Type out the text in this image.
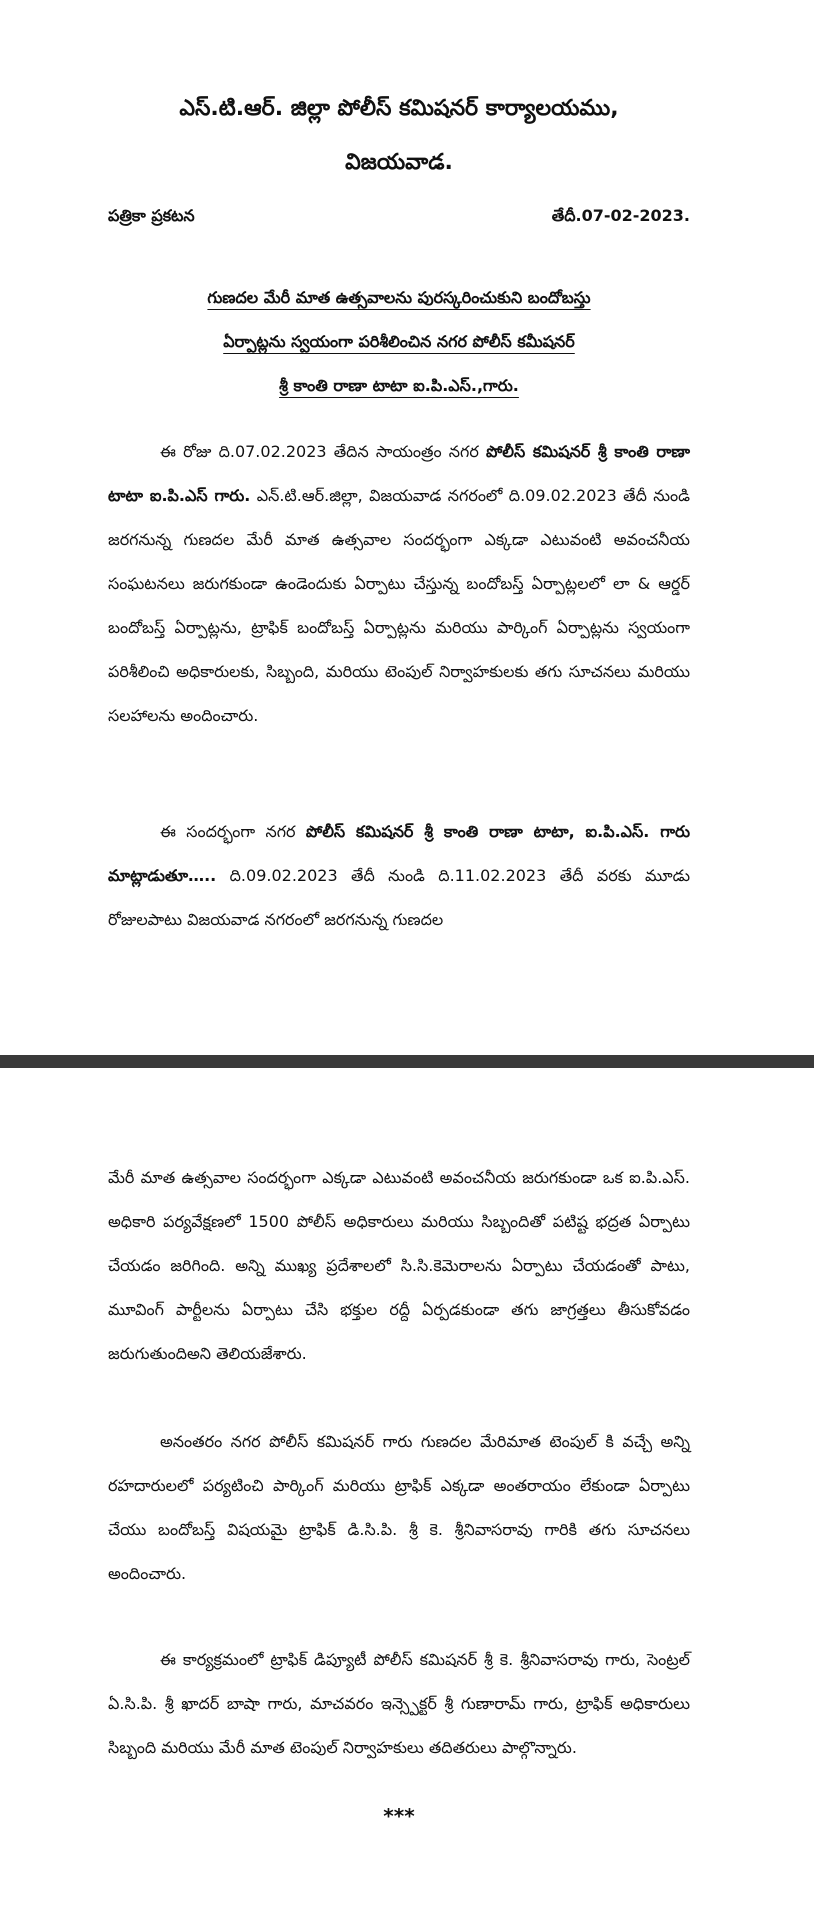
ఎస్.టి.ఆర్. జిల్లా పోలీస్ కమిషనర్ కార్యాలయము,
విజయవాడ.
పత్రికా ప్రకటన	తేదీ.07-02-2023.
గుణదల మేరీ మాత ఉత్సవాలను పురస్కరించుకుని బందోబస్తు
ఏర్పాట్లను స్వయంగా పరిశీలించిన నగర పోలీస్ కమీషనర్
శ్రీ కాంతి రాణా టాటా ఐ.పి.ఎస్.,గారు.

ఈ రోజు ది.07.02.2023 తేదిన సాయంత్రం నగర పోలీస్ కమిషనర్ శ్రీ కాంతి రాణా టాటా ఐ.పి.ఎస్ గారు. ఎన్.టి.ఆర్.జిల్లా, విజయవాడ నగరంలో ది.09.02.2023 తేదీ నుండి జరగనున్న గుణదల మేరీ మాత ఉత్సవాల సందర్భంగా ఎక్కడా ఎటువంటి అవంచనీయ సంఘటనలు జరుగకుండా ఉండెందుకు ఏర్పాటు చేస్తున్న బందోబస్త్ ఏర్పాట్లలలో లా & ఆర్డర్ బందోబస్త్ ఏర్పాట్లను, ట్రాఫిక్ బందోబస్త్ ఏర్పాట్లను మరియు పార్కింగ్ ఏర్పాట్లను స్వయంగా పరిశీలించి అధికారులకు, సిబ్బంది, మరియు టెంపుల్ నిర్వాహకులకు తగు సూచనలు మరియు సలహాలను అందించారు.

ఈ సందర్భంగా నగర పోలీస్ కమిషనర్ శ్రీ కాంతి రాణా టాటా, ఐ.పి.ఎస్. గారు మాట్లాడుతూ….. ది.09.02.2023 తేదీ నుండి ది.11.02.2023 తేదీ వరకు మూడు రోజులపాటు విజయవాడ నగరంలో జరగనున్న గుణదల

మేరీ మాత ఉత్సవాల సందర్భంగా ఎక్కడా ఎటువంటి అవంచనీయ జరుగకుండా ఒక ఐ.పి.ఎస్. అధికారి పర్యవేక్షణలో 1500 పోలీస్ అధికారులు మరియు సిబ్బందితో పటిష్ట భద్రత ఏర్పాటు చేయడం జరిగింది. అన్ని ముఖ్య ప్రదేశాలలో సి.సి.కెమెరాలను ఏర్పాటు చేయడంతో పాటు, మూవింగ్ పార్టీలను ఏర్పాటు చేసి భక్తుల రద్దీ ఏర్పడకుండా తగు జాగ్రత్తలు తీసుకోవడం జరుగుతుందిఅని తెలియజేశారు.

అనంతరం నగర పోలీస్ కమిషనర్ గారు గుణదల మేరిమాత టెంపుల్ కి వచ్చే అన్ని రహదారులలో పర్యటించి పార్కింగ్ మరియు ట్రాఫిక్ ఎక్కడా అంతరాయం లేకుండా ఏర్పాటు చేయు బందోబస్త్ విషయమై ట్రాఫిక్ డి.సి.పి. శ్రీ కె. శ్రీనివాసరావు గారికి తగు సూచనలు అందించారు.

ఈ కార్యక్రమంలో ట్రాఫిక్ డిప్యూటీ పోలీస్ కమిషనర్ శ్రీ కె. శ్రీనివాసరావు గారు, సెంట్రల్ ఏ.సి.పి. శ్రీ ఖాదర్ బాషా గారు, మాచవరం ఇన్స్పెక్టర్ శ్రీ గుణారామ్ గారు, ట్రాఫిక్ అధికారులు సిబ్బంది మరియు మేరీ మాత టెంపుల్ నిర్వాహకులు తదితరులు పాల్గొన్నారు.

***
